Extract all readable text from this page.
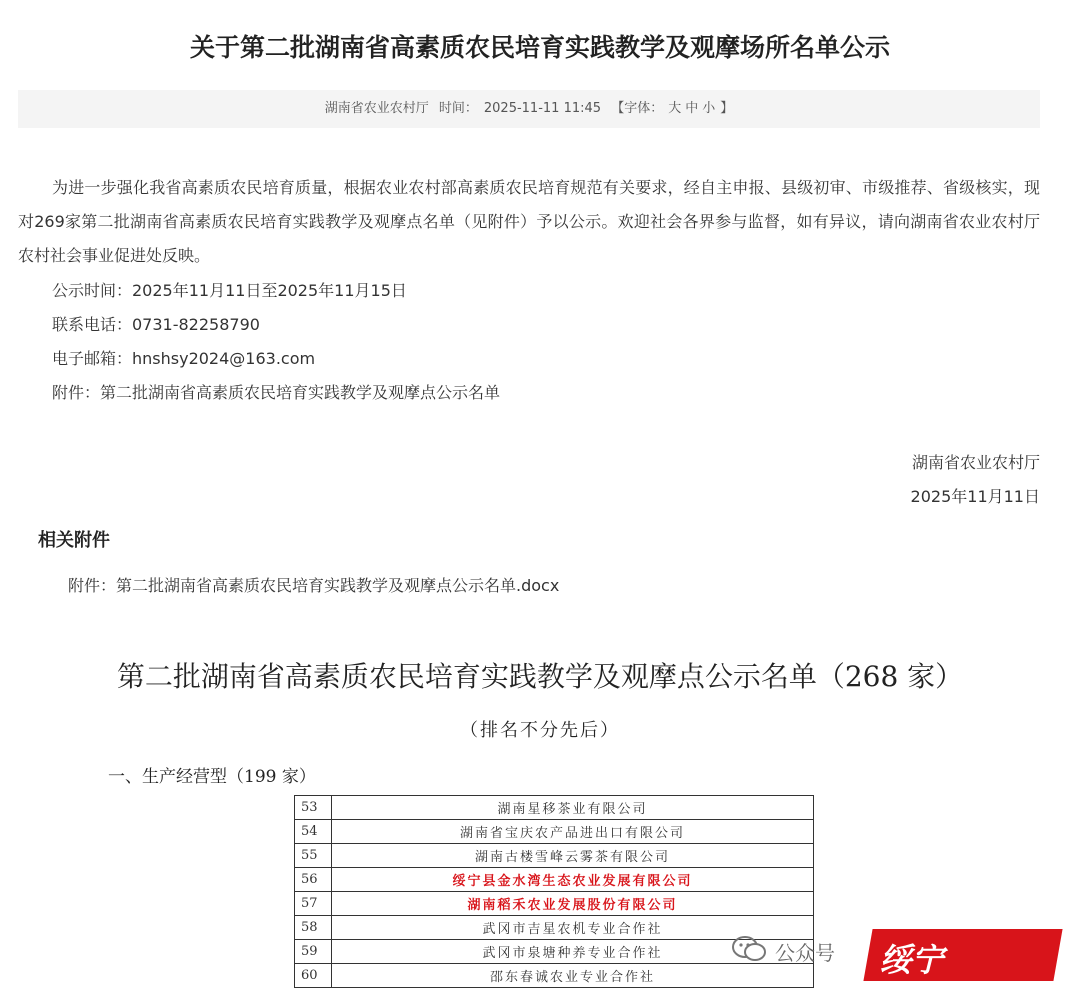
关于第二批湖南省高素质农民培育实践教学及观摩场所名单公示
湖南省农业农村厅 时间： 2025-11-11 11:45 【字体： 大 中 小 】
为进一步强化我省高素质农民培育质量，根据农业农村部高素质农民培育规范有关要求，经自主申报、县级初审、市级推荐、省级核实，现对269家第二批湖南省高素质农民培育实践教学及观摩点名单（见附件）予以公示。欢迎社会各界参与监督，如有异议，请向湖南省农业农村厅农村社会事业促进处反映。
公示时间：2025年11月11日至2025年11月15日
联系电话：0731-82258790
电子邮箱：hnshsy2024@163.com
附件：第二批湖南省高素质农民培育实践教学及观摩点公示名单
湖南省农业农村厅
2025年11月11日
相关附件
附件：第二批湖南省高素质农民培育实践教学及观摩点公示名单.docx
第二批湖南省高素质农民培育实践教学及观摩点公示名单（268 家）
（排名不分先后）
一、生产经营型（199 家）
53	湖南星移茶业有限公司
54	湖南省宝庆农产品进出口有限公司
55	湖南古楼雪峰云雾茶有限公司
56	绥宁县金水湾生态农业发展有限公司
57	湖南稻禾农业发展股份有限公司
58	武冈市吉星农机专业合作社
59	武冈市泉塘种养专业合作社
60	邵东春诚农业专业合作社
公众号 绥宁
